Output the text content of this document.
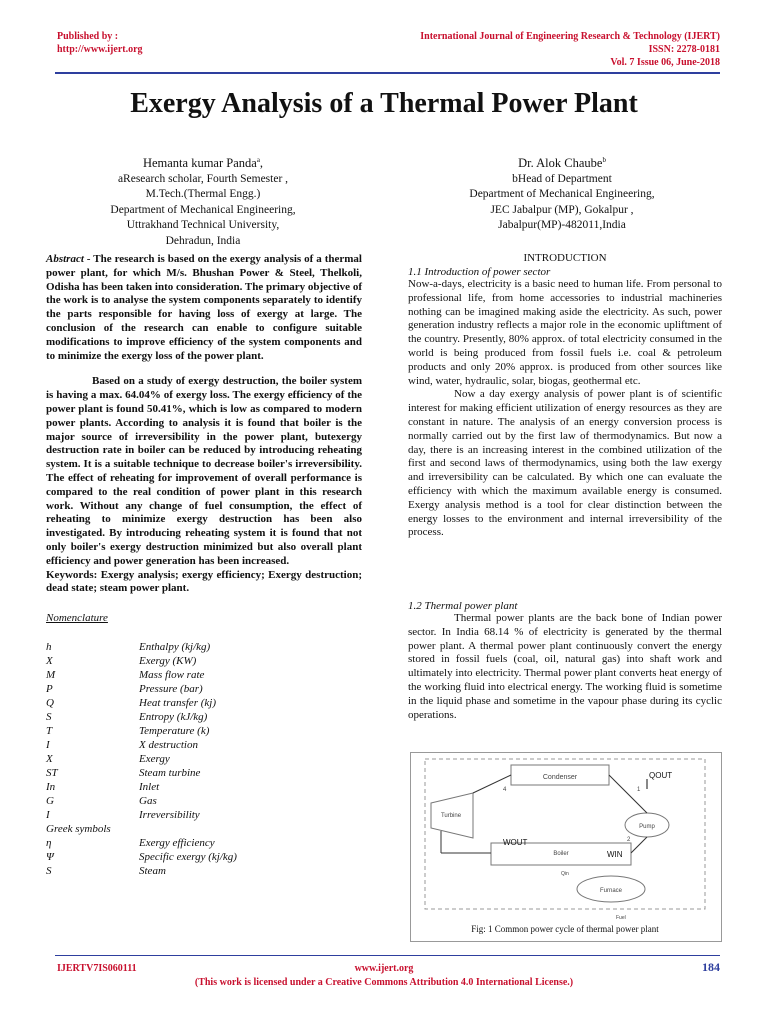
Published by :
http://www.ijert.org
International Journal of Engineering Research & Technology (IJERT)
ISSN: 2278-0181
Vol. 7 Issue 06, June-2018
Exergy Analysis of a Thermal Power Plant
Hemanta kumar Panda$^a$,
aResearch scholar, Fourth Semester ,
M.Tech.(Thermal Engg.)
Department of Mechanical Engineering,
Uttrakhand Technical University,
Dehradun, India
Dr. Alok Chaube$^b$
bHead of Department
Department of Mechanical Engineering,
JEC Jabalpur (MP), Gokalpur ,
Jabalpur(MP)-482011,India

Abstract - The research is based on the exergy analysis of a thermal power plant, for which M/s. Bhushan Power & Steel, Thelkoli, Odisha has been taken into consideration. The primary objective of the work is to analyse the system components separately to identify the parts responsible for having loss of exergy at large. The conclusion of the research can enable to configure suitable modifications to improve efficiency of the system components and to minimize the exergy loss of the power plant.

Based on a study of exergy destruction, the boiler system is having a max. 64.04% of exergy loss. The exergy efficiency of the power plant is found 50.41%, which is low as compared to modern power plants. According to analysis it is found that boiler is the major source of irreversibility in the power plant, butexergy destruction rate in boiler can be reduced by introducing reheating system. It is a suitable technique to decrease boiler's irreversibility. The effect of reheating for improvement of overall performance is compared to the real condition of power plant in this research work. Without any change of fuel consumption, the effect of reheating to minimize exergy destruction has been also investigated. By introducing reheating system it is found that not only boiler's exergy destruction minimized but also overall plant efficiency and power generation has been increased.

Keywords: Exergy analysis; exergy efficiency; Exergy destruction; dead state; steam power plant.

Nomenclature
h	Enthalpy (kj/kg)
X	Exergy (KW)
M	Mass flow rate
P	Pressure (bar)
Q	Heat transfer (kj)
S	Entropy (kJ/kg)
T	Temperature (k)
I	X destruction
X	Exergy
ST	Steam turbine
In	Inlet
G	Gas
I	Irreversibility
Greek symbols
η	Exergy efficiency
Ψ	Specific exergy (kj/kg)
S	Steam
INTRODUCTION
1.1 Introduction of power sector

Now-a-days, electricity is a basic need to human life. From personal to professional life, from home accessories to industrial machineries nothing can be imagined making aside the electricity. As such, power generation industry reflects a major role in the economic upliftment of the country. Presently, 80% approx. of total electricity consumed in the world is being produced from fossil fuels i.e. coal & petroleum products and only 20% approx. is produced from other sources like wind, water, hydraulic, solar, biogas, geothermal etc.

Now a day exergy analysis of power plant is of scientific interest for making efficient utilization of energy resources as they are constant in nature. The analysis of an energy conversion process is normally carried out by the first law of thermodynamics. But now a day, there is an increasing interest in the combined utilization of the first and second laws of thermodynamics, using both the law exergy and irreversibility can be calculated. By which one can evaluate the efficiency with which the maximum available energy is consumed. Exergy analysis method is a tool for clear distinction between the energy losses to the environment and internal irreversibility of the process.

1.2 Thermal power plant

Thermal power plants are the back bone of Indian power sector. In India 68.14 % of electricity is generated by the thermal power plant. A thermal power plant continuously convert the energy stored in fossil fuels (coal, oil, natural gas) into shaft work and ultimately into electricity. Thermal power plant converts heat energy of the working fluid into electrical energy. The working fluid is sometime in the liquid phase and sometime in the vapour phase during its cyclic operations.

Condenser	QOUT
Turbine
Pump
Boiler
WOUT
WIN
Qin
Furnace
Fuel
1
2
4
Fig: 1 Common power cycle of thermal power plant
IJERTV7IS060111	www.ijert.org	184
(This work is licensed under a Creative Commons Attribution 4.0 International License.)
